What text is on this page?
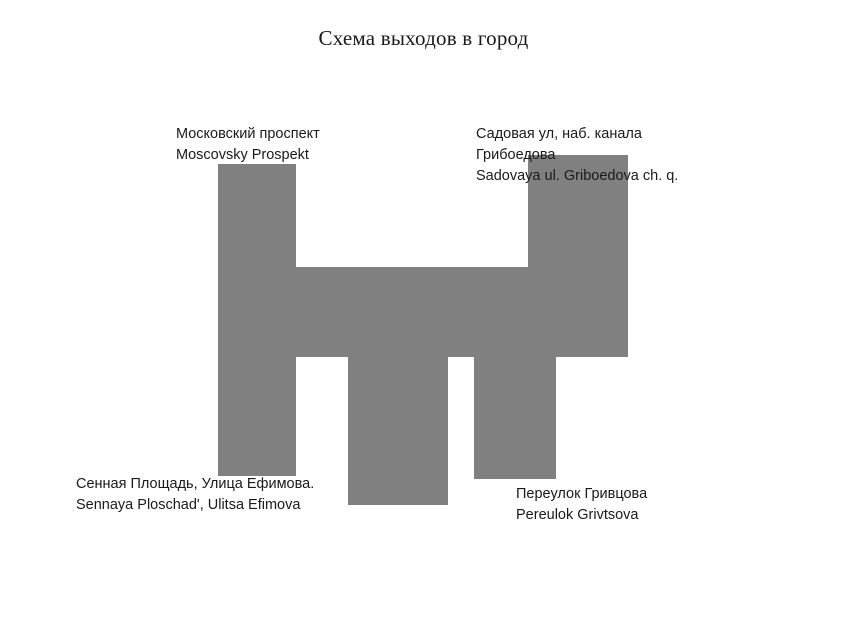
Схема выходов в город
Московский проспект
Moscovsky Prospekt
Садовая ул, наб. канала
Грибоедова
Sadovaya ul. Griboedova ch. q.
Сенная Площадь, Улица Ефимова.
Sennaya Ploschad', Ulitsa Efimova
Переулок Гривцова
Pereulok Grivtsova
